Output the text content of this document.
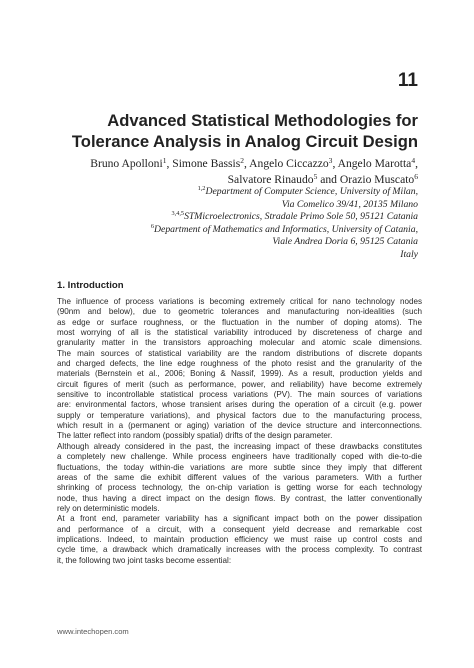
11
Advanced Statistical Methodologies for
Tolerance Analysis in Analog Circuit Design
Bruno Apolloni$^1$, Simone Bassis$^2$, Angelo Ciccazzo$^3$, Angelo Marotta$^4$,
Salvatore Rinaudo$^5$ and Orazio Muscato$^6$
$^{1,2}$Department of Computer Science, University of Milan,
Via Comelico 39/41, 20135 Milano
$^{3,4,5}$STMicroelectronics, Stradale Primo Sole 50, 95121 Catania
$^6$Department of Mathematics and Informatics, University of Catania,
Viale Andrea Doria 6, 95125 Catania
Italy
1. Introduction
The influence of process variations is becoming extremely critical for nano technology nodes
(90nm and below), due to geometric tolerances and manufacturing non-idealities (such
as edge or surface roughness, or the fluctuation in the number of doping atoms). The
most worrying of all is the statistical variability introduced by discreteness of charge and
granularity matter in the transistors approaching molecular and atomic scale dimensions.
The main sources of statistical variability are the random distributions of discrete dopants
and charged defects, the line edge roughness of the photo resist and the granularity of the
materials (Bernstein et al., 2006; Boning & Nassif, 1999). As a result, production yields and
circuit figures of merit (such as performance, power, and reliability) have become extremely
sensitive to incontrollable statistical process variations (PV). The main sources of variations
are: environmental factors, whose transient arises during the operation of a circuit (e.g. power
supply or temperature variations), and physical factors due to the manufacturing process,
which result in a (permanent or aging) variation of the device structure and interconnections.
The latter reflect into random (possibly spatial) drifts of the design parameter.
Although already considered in the past, the increasing impact of these drawbacks constitutes
a completely new challenge. While process engineers have traditionally coped with die-to-die
fluctuations, the today within-die variations are more subtle since they imply that different
areas of the same die exhibit different values of the various parameters. With a further
shrinking of process technology, the on-chip variation is getting worse for each technology
node, thus having a direct impact on the design flows. By contrast, the latter conventionally
rely on deterministic models.
At a front end, parameter variability has a significant impact both on the power dissipation
and performance of a circuit, with a consequent yield decrease and remarkable cost
implications. Indeed, to maintain production efficiency we must raise up control costs and
cycle time, a drawback which dramatically increases with the process complexity. To contrast
it, the following two joint tasks become essential:
www.intechopen.com
